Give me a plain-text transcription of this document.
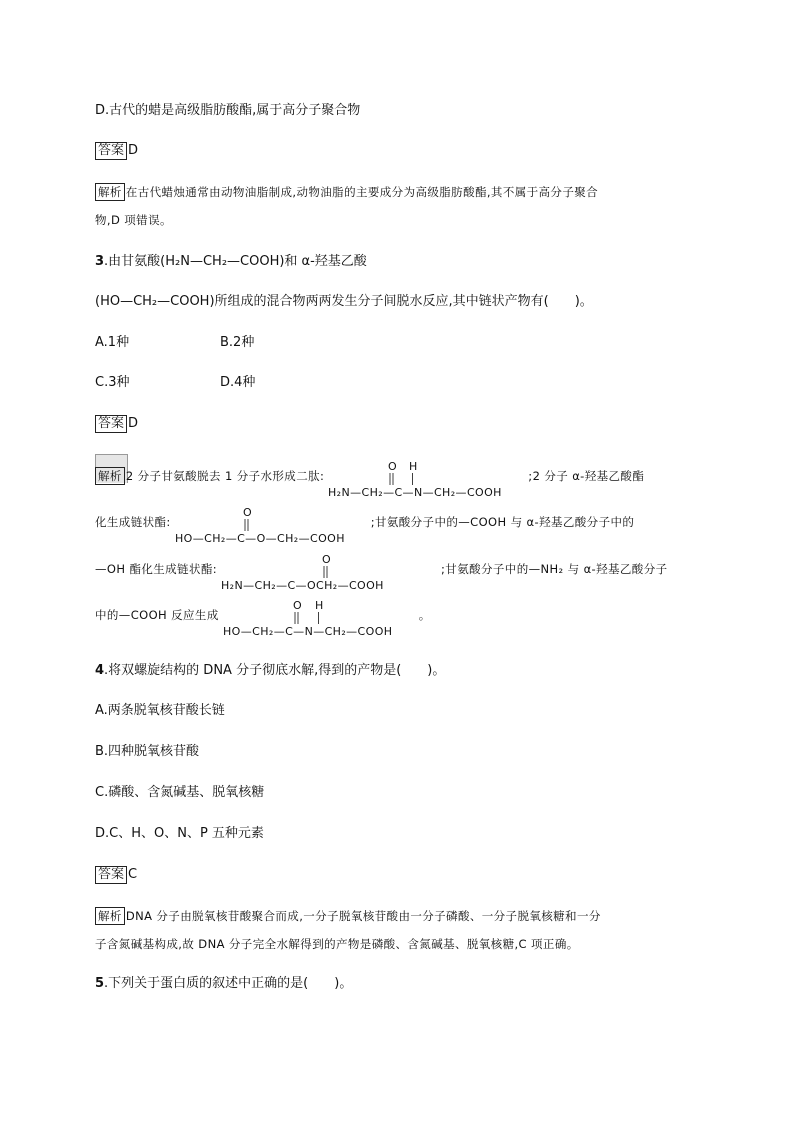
D.古代的蜡是高级脂肪酸酯,属于高分子聚合物
答案 D
解析 在古代蜡烛通常由动物油脂制成,动物油脂的主要成分为高级脂肪酸酯,其不属于高分子聚合
物,D 项错误。
3.由甘氨酸(H₂N—CH₂—COOH)和 α-羟基乙酸
(HO—CH₂—COOH)所组成的混合物两两发生分子间脱水反应,其中链状产物有(　　)。
A.1种	B.2种
C.3种	D.4种
答案 D
解析 2 分子甘氨酸脱去 1 分子水形成二肽:
O H
H₂N—CH₂—C—N—CH₂—COOH
;2 分子 α-羟基乙酸酯
化生成链状酯:
O
HO—CH₂—C—O—CH₂—COOH
;甘氨酸分子中的—COOH 与 α-羟基乙酸分子中的
—OH 酯化生成链状酯:
O
H₂N—CH₂—C—OCH₂—COOH
;甘氨酸分子中的—NH₂ 与 α-羟基乙酸分子
中的—COOH 反应生成
O H
HO—CH₂—C—N—CH₂—COOH
。
4.将双螺旋结构的 DNA 分子彻底水解,得到的产物是(　　)。
A.两条脱氧核苷酸长链
B.四种脱氧核苷酸
C.磷酸、含氮碱基、脱氧核糖
D.C、H、O、N、P 五种元素
答案 C
解析 DNA 分子由脱氧核苷酸聚合而成,一分子脱氧核苷酸由一分子磷酸、一分子脱氧核糖和一分
子含氮碱基构成,故 DNA 分子完全水解得到的产物是磷酸、含氮碱基、脱氧核糖,C 项正确。
5.下列关于蛋白质的叙述中正确的是(　　)。
